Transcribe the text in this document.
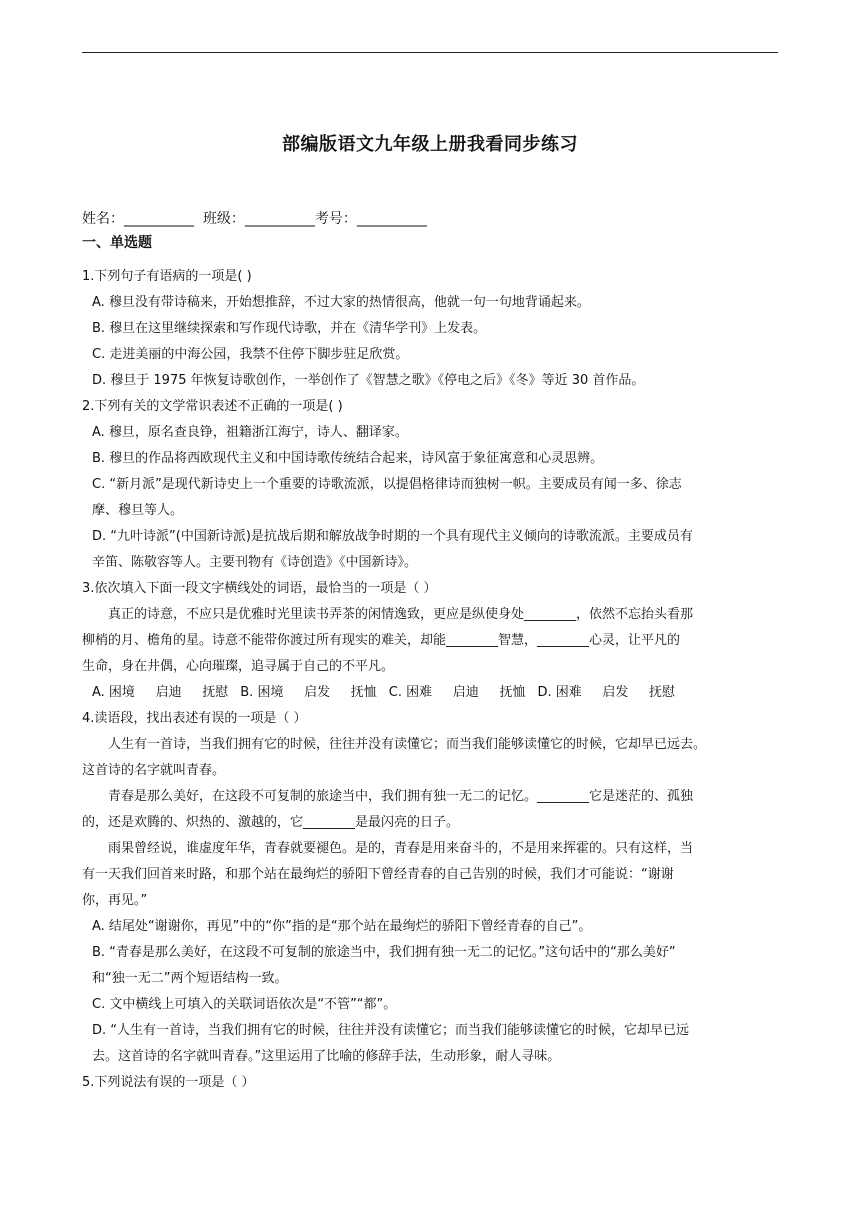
部编版语文九年级上册我看同步练习
姓名：__________  班级：__________考号：__________
一、单选题
1.下列句子有语病的一项是( )
A. 穆旦没有带诗稿来，开始想推辞，不过大家的热情很高，他就一句一句地背诵起来。
B. 穆旦在这里继续探索和写作现代诗歌，并在《清华学刊》上发表。
C. 走进美丽的中海公园，我禁不住停下脚步驻足欣赏。
D. 穆旦于 1975 年恢复诗歌创作，一举创作了《智慧之歌》《停电之后》《冬》等近 30 首作品。
2.下列有关的文学常识表述不正确的一项是( )
A. 穆旦，原名查良铮，祖籍浙江海宁，诗人、翻译家。
B. 穆旦的作品将西欧现代主义和中国诗歌传统结合起来，诗风富于象征寓意和心灵思辨。
C. “新月派”是现代新诗史上一个重要的诗歌流派，以提倡格律诗而独树一帜。主要成员有闻一多、徐志
摩、穆旦等人。
D. “九叶诗派”(中国新诗派)是抗战后期和解放战争时期的一个具有现代主义倾向的诗歌流派。主要成员有
辛笛、陈敬容等人。主要刊物有《诗创造》《中国新诗》。
3.依次填入下面一段文字横线处的词语，最恰当的一项是（ ）
真正的诗意，不应只是优雅时光里读书弄茶的闲情逸致，更应是纵使身处________，依然不忘抬头看那
柳梢的月、檐角的星。诗意不能带你渡过所有现实的难关，却能________智慧，________心灵，让平凡的
生命，身在井偶，心向璀璨，追寻属于自己的不平凡。
A. 困境     启迪     抚慰 B. 困境     启发     抚恤 C. 困难     启迪     抚恤 D. 困难     启发     抚慰
4.读语段，找出表述有误的一项是（ ）
人生有一首诗，当我们拥有它的时候，往往并没有读懂它；而当我们能够读懂它的时候，它却早已远去。
这首诗的名字就叫青春。
青春是那么美好，在这段不可复制的旅途当中，我们拥有独一无二的记忆。________它是迷茫的、孤独
的，还是欢腾的、炽热的、激越的，它________是最闪亮的日子。
雨果曾经说，谁虚度年华，青春就要褪色。是的，青春是用来奋斗的，不是用来挥霍的。只有这样，当
有一天我们回首来时路，和那个站在最绚烂的骄阳下曾经青春的自己告别的时候，我们才可能说：“谢谢
你，再见。”
A. 结尾处“谢谢你，再见”中的“你”指的是“那个站在最绚烂的骄阳下曾经青春的自己”。
B. “青春是那么美好，在这段不可复制的旅途当中，我们拥有独一无二的记忆。”这句话中的“那么美好”
和“独一无二”两个短语结构一致。
C. 文中横线上可填入的关联词语依次是“不管”“都”。
D. “人生有一首诗，当我们拥有它的时候，往往并没有读懂它；而当我们能够读懂它的时候，它却早已远
去。这首诗的名字就叫青春。”这里运用了比喻的修辞手法，生动形象，耐人寻味。
5.下列说法有误的一项是（ ）
